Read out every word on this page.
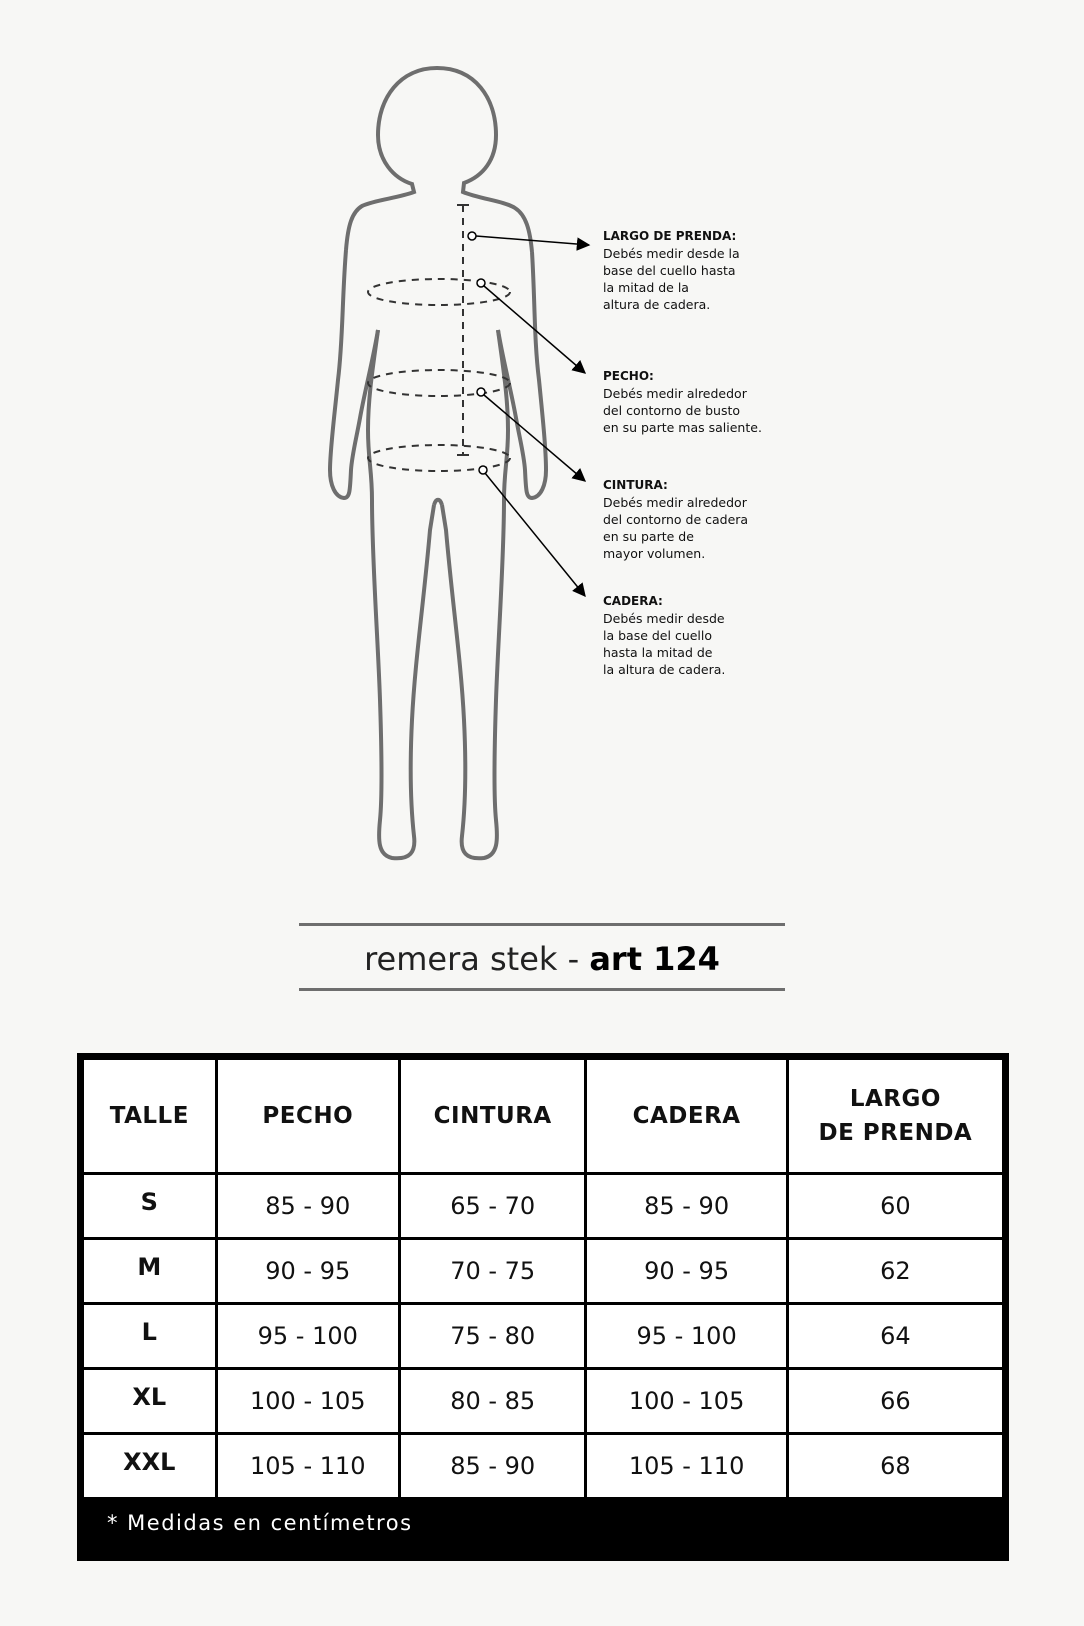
LARGO DE PRENDA:
Debés medir desde la
base del cuello hasta
la mitad de la
altura de cadera.
PECHO:
Debés medir alrededor
del contorno de busto
en su parte mas saliente.
CINTURA:
Debés medir alrededor
del contorno de cadera
en su parte de
mayor volumen.
CADERA:
Debés medir desde
la base del cuello
hasta la mitad de
la altura de cadera.
remera stek - art 124
TALLE	PECHO	CINTURA	CADERA	LARGO
DE PRENDA
S	85 - 90	65 - 70	85 - 90	60
M	90 - 95	70 - 75	90 - 95	62
L	95 - 100	75 - 80	95 - 100	64
XL	100 - 105	80 - 85	100 - 105	66
XXL	105 - 110	85 - 90	105 - 110	68
* Medidas en centímetros
